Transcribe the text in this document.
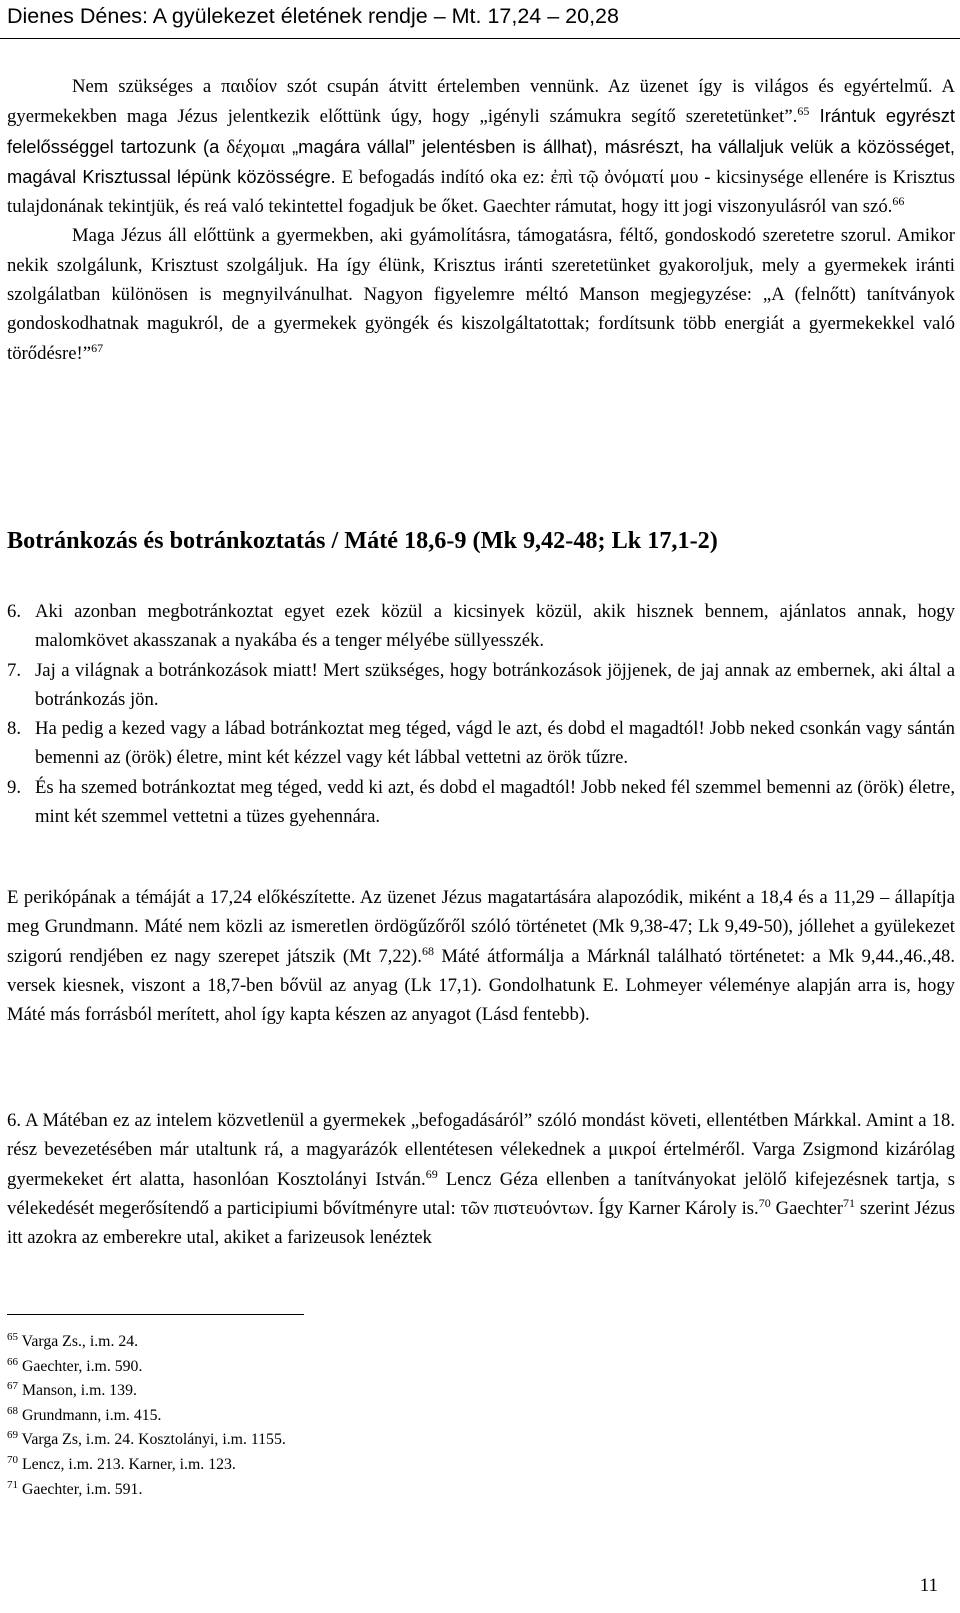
Dienes Dénes: A gyülekezet életének rendje – Mt. 17,24 – 20,28

Nem szükséges a παιδίον szót csupán átvitt értelemben vennünk. Az üzenet így is világos és egyértelmű. A gyermekekben maga Jézus jelentkezik előttünk úgy, hogy „igényli számukra segítő szeretetünket”.$^{65}$ Irántuk egyrészt felelősséggel tartozunk (a δέχομαι „magára vállal” jelentésben is állhat), másrészt, ha vállaljuk velük a közösséget, magával Krisztussal lépünk közösségre. E befogadás indító oka ez: ἐπὶ τῷ ὀνόματί μου - kicsinysége ellenére is Krisztus tulajdonának tekintjük, és reá való tekintettel fogadjuk be őket. Gaechter rámutat, hogy itt jogi viszonyulásról van szó.$^{66}$

Maga Jézus áll előttünk a gyermekben, aki gyámolításra, támogatásra, féltő, gondoskodó szeretetre szorul. Amikor nekik szolgálunk, Krisztust szolgáljuk. Ha így élünk, Krisztus iránti szeretetünket gyakoroljuk, mely a gyermekek iránti szolgálatban különösen is megnyilvánulhat. Nagyon figyelemre méltó Manson megjegyzése: „A (felnőtt) tanítványok gondoskodhatnak magukról, de a gyermekek gyöngék és kiszolgáltatottak; fordítsunk több energiát a gyermekekkel való törődésre!”$^{67}$

Botránkozás és botránkoztatás / Máté 18,6-9 (Mk 9,42-48; Lk 17,1-2)
6. Aki azonban megbotránkoztat egyet ezek közül a kicsinyek közül, akik hisznek bennem, ajánlatos annak, hogy malomkövet akasszanak a nyakába és a tenger mélyébe süllyesszék.
7. Jaj a világnak a botránkozások miatt! Mert szükséges, hogy botránkozások jöjjenek, de jaj annak az embernek, aki által a botránkozás jön.
8. Ha pedig a kezed vagy a lábad botránkoztat meg téged, vágd le azt, és dobd el magadtól! Jobb neked csonkán vagy sántán bemenni az (örök) életre, mint két kézzel vagy két lábbal vettetni az örök tűzre.
9. És ha szemed botránkoztat meg téged, vedd ki azt, és dobd el magadtól! Jobb neked fél szemmel bemenni az (örök) életre, mint két szemmel vettetni a tüzes gyehennára.

E perikópának a témáját a 17,24 előkészítette. Az üzenet Jézus magatartására alapozódik, miként a 18,4 és a 11,29 – állapítja meg Grundmann. Máté nem közli az ismeretlen ördögűzőről szóló történetet (Mk 9,38-47; Lk 9,49-50), jóllehet a gyülekezet szigorú rendjében ez nagy szerepet játszik (Mt 7,22).$^{68}$ Máté átformálja a Márknál található történetet: a Mk 9,44.,46.,48. versek kiesnek, viszont a 18,7-ben bővül az anyag (Lk 17,1). Gondolhatunk E. Lohmeyer véleménye alapján arra is, hogy Máté más forrásból merített, ahol így kapta készen az anyagot (Lásd fentebb).

6. A Mátéban ez az intelem közvetlenül a gyermekek „befogadásáról” szóló mondást követi, ellentétben Márkkal. Amint a 18. rész bevezetésében már utaltunk rá, a magyarázók ellentétesen vélekednek a μικροί értelméről. Varga Zsigmond kizárólag gyermekeket ért alatta, hasonlóan Kosztolányi István.$^{69}$ Lencz Géza ellenben a tanítványokat jelölő kifejezésnek tartja, s vélekedését megerősítendő a participiumi bővítményre utal: τῶν πιστευόντων. Így Karner Károly is.$^{70}$ Gaechter$^{71}$ szerint Jézus itt azokra az emberekre utal, akiket a farizeusok lenéztek

$^{65}$ Varga Zs., i.m. 24.
$^{66}$ Gaechter, i.m. 590.
$^{67}$ Manson, i.m. 139.
$^{68}$ Grundmann, i.m. 415.
$^{69}$ Varga Zs, i.m. 24. Kosztolányi, i.m. 1155.
$^{70}$ Lencz, i.m. 213. Karner, i.m. 123.
$^{71}$ Gaechter, i.m. 591.
11
